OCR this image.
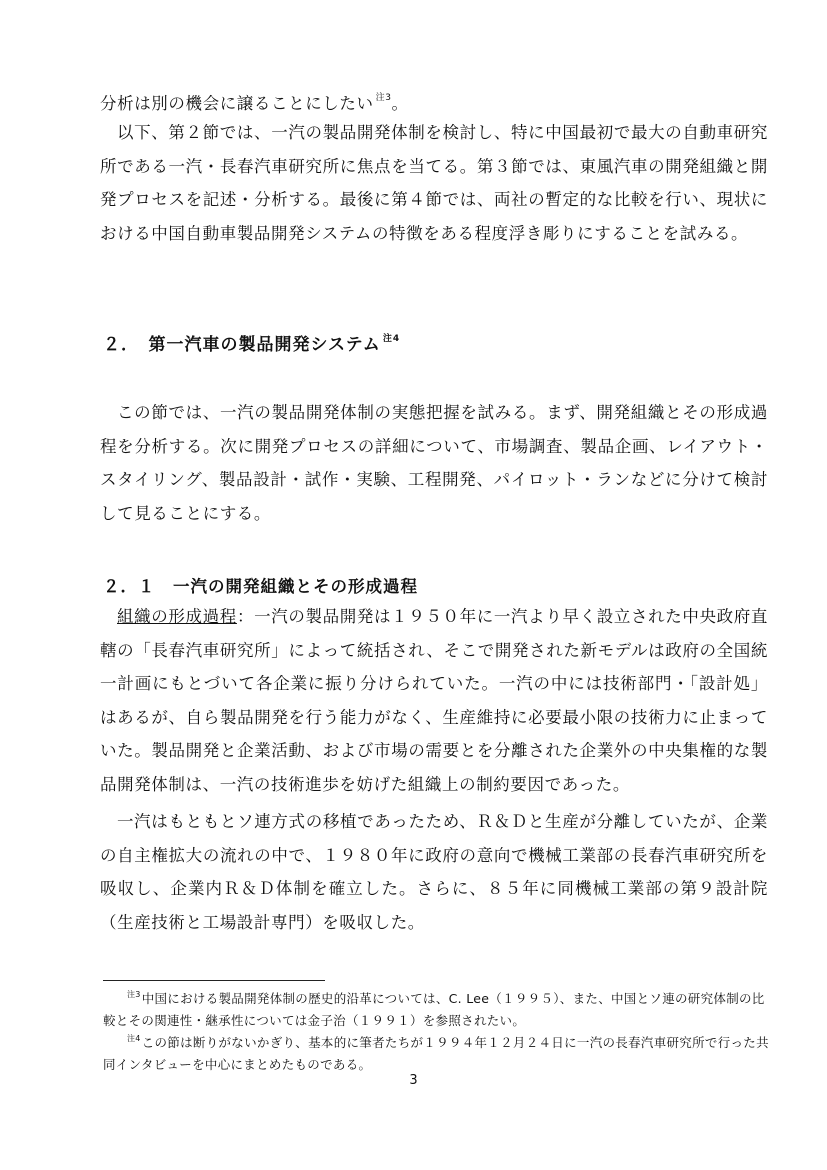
分析は別の機会に譲ることにしたい $^{注3}$。

以下、第２節では、一汽の製品開発体制を検討し、特に中国最初で最大の自動車研究所である一汽・長春汽車研究所に焦点を当てる。第３節では、東風汽車の開発組織と開発プロセスを記述・分析する。最後に第４節では、両社の暫定的な比較を行い、現状における中国自動車製品開発システムの特徴をある程度浮き彫りにすることを試みる。

２．　第一汽車の製品開発システム $^{注4}$

この節では、一汽の製品開発体制の実態把握を試みる。まず、開発組織とその形成過程を分析する。次に開発プロセスの詳細について、市場調査、製品企画、レイアウト・スタイリング、製品設計・試作・実験、工程開発、パイロット・ランなどに分けて検討して見ることにする。

２．１　一汽の開発組織とその形成過程

組織の形成過程：一汽の製品開発は１９５０年に一汽より早く設立された中央政府直轄の「長春汽車研究所」によって統括され、そこで開発された新モデルは政府の全国統一計画にもとづいて各企業に振り分けられていた。一汽の中には技術部門・「設計処」はあるが、自ら製品開発を行う能力がなく、生産維持に必要最小限の技術力に止まっていた。製品開発と企業活動、および市場の需要とを分離された企業外の中央集権的な製品開発体制は、一汽の技術進歩を妨げた組織上の制約要因であった。

一汽はもともとソ連方式の移植であったため、Ｒ＆Ｄと生産が分離していたが、企業の自主権拡大の流れの中で、１９８０年に政府の意向で機械工業部の長春汽車研究所を吸収し、企業内Ｒ＆Ｄ体制を確立した。さらに、８５年に同機械工業部の第９設計院（生産技術と工場設計専門）を吸収した。

$^{注3}$中国における製品開発体制の歴史的沿革については、C. Lee（１９９５）、また、中国とソ連の研究体制の比較とその関連性・継承性については金子治（１９９１）を参照されたい。

$^{注4}$この節は断りがないかぎり、基本的に筆者たちが１９９４年１２月２４日に一汽の長春汽車研究所で行った共同インタビューを中心にまとめたものである。

3
